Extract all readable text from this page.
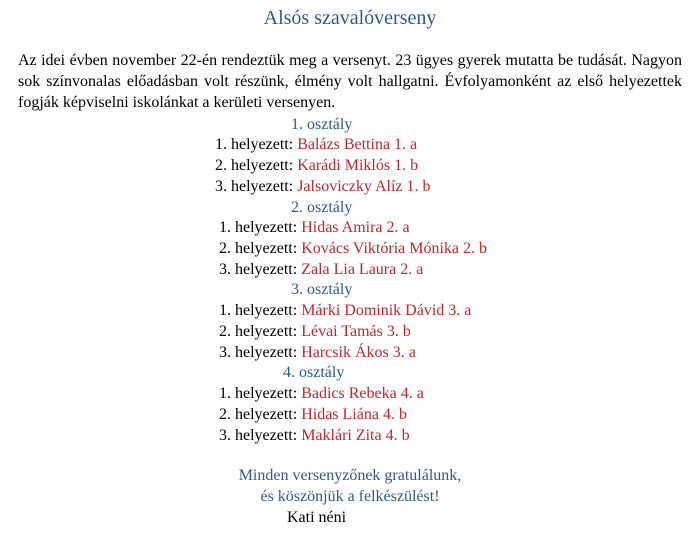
Alsós szavalóverseny

Az idei évben november 22-én rendeztük meg a versenyt. 23 ügyes gyerek mutatta be tudását. Nagyon sok színvonalas előadásban volt részünk, élmény volt hallgatni. Évfolyamonként az első helyezettek fogják képviselni iskolánkat a kerületi versenyen.

1. osztály
1. helyezett: Balázs Bettina 1. a
2. helyezett: Karádi Miklós 1. b
3. helyezett: Jalsoviczky Alíz 1. b
2. osztály
1. helyezett: Hidas Amira 2. a
2. helyezett: Kovács Viktória Mónika 2. b
3. helyezett: Zala Lia Laura 2. a
3. osztály
1. helyezett: Márki Dominik Dávid 3. a
2. helyezett: Lévai Tamás 3. b
3. helyezett: Harcsik Ákos 3. a
4. osztály
1. helyezett: Badics Rebeka 4. a
2. helyezett: Hidas Liána 4. b
3. helyezett: Maklári Zita 4. b
Minden versenyzőnek gratulálunk,
és köszönjük a felkészülést!
Kati néni
